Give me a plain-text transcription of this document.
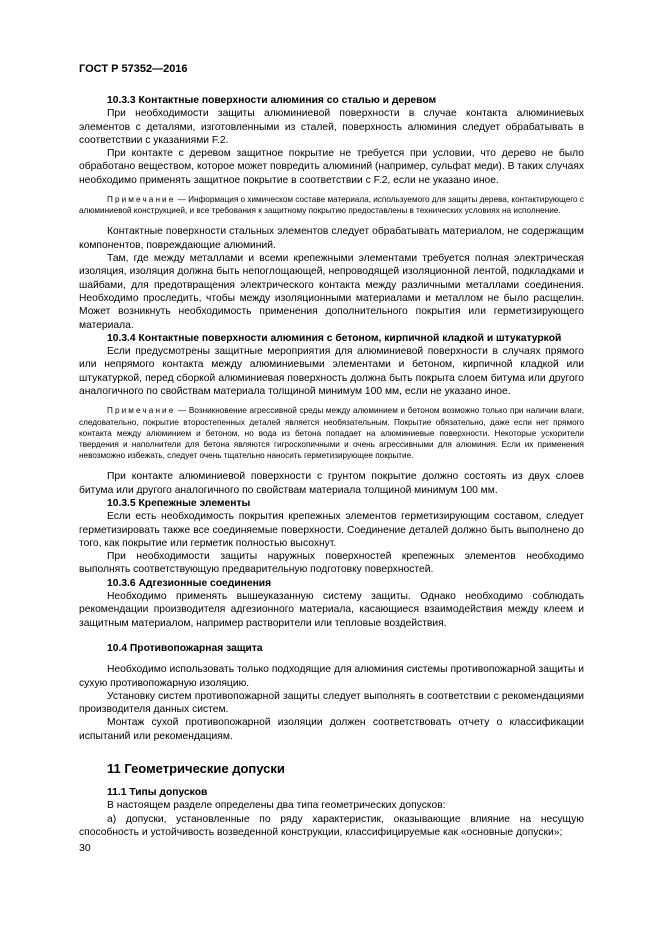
ГОСТ Р 57352—2016

10.3.3 Контактные поверхности алюминия со сталью и деревом

При необходимости защиты алюминиевой поверхности в случае контакта алюминиевых элементов с деталями, изготовленными из сталей, поверхность алюминия следует обрабатывать в соответствии с указаниями F.2.

При контакте с деревом защитное покрытие не требуется при условии, что дерево не было обработано веществом, которое может повредить алюминий (например, сульфат меди). В таких случаях необходимо применять защитное покрытие в соответствии с F.2, если не указано иное.

Примечание — Информация о химическом составе материала, используемого для защиты дерева, контактирующего с алюминиевой конструкцией, и все требования к защитному покрытию предоставлены в технических условиях на исполнение.

Контактные поверхности стальных элементов следует обрабатывать материалом, не содержащим компонентов, повреждающие алюминий.

Там, где между металлами и всеми крепежными элементами требуется полная электрическая изоляция, изоляция должна быть непоглощающей, непроводящей изоляционной лентой, подкладками и шайбами, для предотвращения электрического контакта между различными металлами соединения. Необходимо проследить, чтобы между изоляционными материалами и металлом не было расщелин. Может возникнуть необходимость применения дополнительного покрытия или герметизирующего материала.

10.3.4 Контактные поверхности алюминия с бетоном, кирпичной кладкой и штукатуркой

Если предусмотрены защитные мероприятия для алюминиевой поверхности в случаях прямого или непрямого контакта между алюминиевыми элементами и бетоном, кирпичной кладкой или штукатуркой, перед сборкой алюминиевая поверхность должна быть покрыта слоем битума или другого аналогичного по свойствам материала толщиной минимум 100 мм, если не указано иное.

Примечание — Возникновение агрессивной среды между алюминием и бетоном возможно только при наличии влаги, следовательно, покрытие второстепенных деталей является необязательным. Покрытие обязательно, даже если нет прямого контакта между алюминием и бетоном, но вода из бетона попадает на алюминиевые поверхности. Некоторые ускорители твердения и наполнители для бетона являются гигроскопичными и очень агрессивными для алюминия. Если их применения невозможно избежать, следует очень тщательно наносить герметизирующее покрытие.

При контакте алюминиевой поверхности с грунтом покрытие должно состоять из двух слоев битума или другого аналогичного по свойствам материала толщиной минимум 100 мм.

10.3.5 Крепежные элементы

Если есть необходимость покрытия крепежных элементов герметизирующим составом, следует герметизировать также все соединяемые поверхности. Соединение деталей должно быть выполнено до того, как покрытие или герметик полностью высохнут.

При необходимости защиты наружных поверхностей крепежных элементов необходимо выполнять соответствующую предварительную подготовку поверхностей.

10.3.6 Адгезионные соединения

Необходимо применять вышеуказанную систему защиты. Однако необходимо соблюдать рекомендации производителя адгезионного материала, касающиеся взаимодействия между клеем и защитным материалом, например растворители или тепловые воздействия.

10.4 Противопожарная защита

Необходимо использовать только подходящие для алюминия системы противопожарной защиты и сухую противопожарную изоляцию.

Установку систем противопожарной защиты следует выполнять в соответствии с рекомендациями производителя данных систем.

Монтаж сухой противопожарной изоляции должен соответствовать отчету о классификации испытаний или рекомендациям.

11 Геометрические допуски

11.1 Типы допусков

В настоящем разделе определены два типа геометрических допусков:

а) допуски, установленные по ряду характеристик, оказывающие влияние на несущую способность и устойчивость возведенной конструкции, классифицируемые как «основные допуски»;

30
